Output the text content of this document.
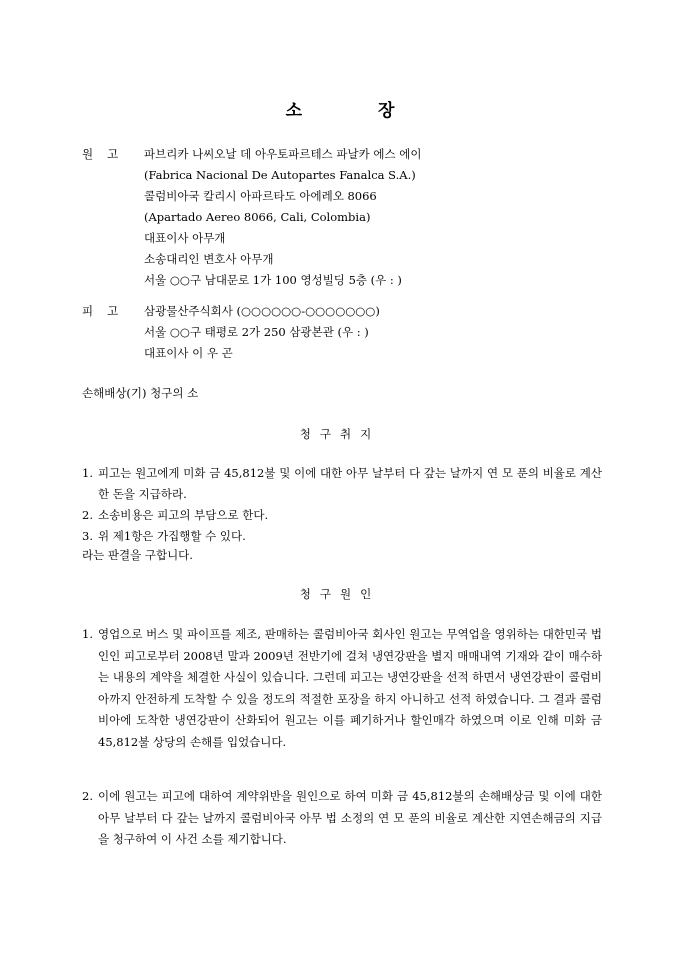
소	장
원고	파브리카 나씨오날 데 아우토파르테스 파날카 에스 에이
(Fabrica Nacional De Autopartes Fanalca S.A.)
콜럼비아국 칼리시 아파르타도 아에레오 8066
(Apartado Aereo 8066, Cali, Colombia)
대표이사 아무개
소송대리인 변호사 아무개
서울 ○○구 남대문로 1가 100 영성빌딩 5층 (우 : )
피고	삼광물산주식회사 (○○○○○○-○○○○○○○)
서울 ○○구 태평로 2가 250 삼광본관 (우 : )
대표이사 이 우 곤
손해배상(기) 청구의 소
청구취지
1. 피고는 원고에게 미화 금 45,812불 및 이에 대한 아무 날부터 다 갚는 날까지 연 모 푼의 비율로 계산한 돈을 지급하라.
2. 소송비용은 피고의 부담으로 한다.
3. 위 제1항은 가집행할 수 있다.
라는 판결을 구합니다.
청구원인
1. 영업으로 버스 및 파이프를 제조, 판매하는 콜럼비아국 회사인 원고는 무역업을 영위하는 대한민국 법인인 피고로부터 2008년 말과 2009년 전반기에 걸쳐 냉연강판을 별지 매매내역 기재와 같이 매수하는 내용의 계약을 체결한 사실이 있습니다. 그런데 피고는 냉연강판을 선적 하면서 냉연강판이 콜럼비아까지 안전하게 도착할 수 있을 정도의 적절한 포장을 하지 아니하고 선적 하였습니다. 그 결과 콜럼비아에 도착한 냉연강판이 산화되어 원고는 이를 폐기하거나 할인매각 하였으며 이로 인해 미화 금 45,812불 상당의 손해를 입었습니다.
2. 이에 원고는 피고에 대하여 계약위반을 원인으로 하여 미화 금 45,812불의 손해배상금 및 이에 대한 아무 날부터 다 갚는 날까지 콜럼비아국 아무 법 소정의 연 모 푼의 비율로 계산한 지연손해금의 지급을 청구하여 이 사건 소를 제기합니다.
